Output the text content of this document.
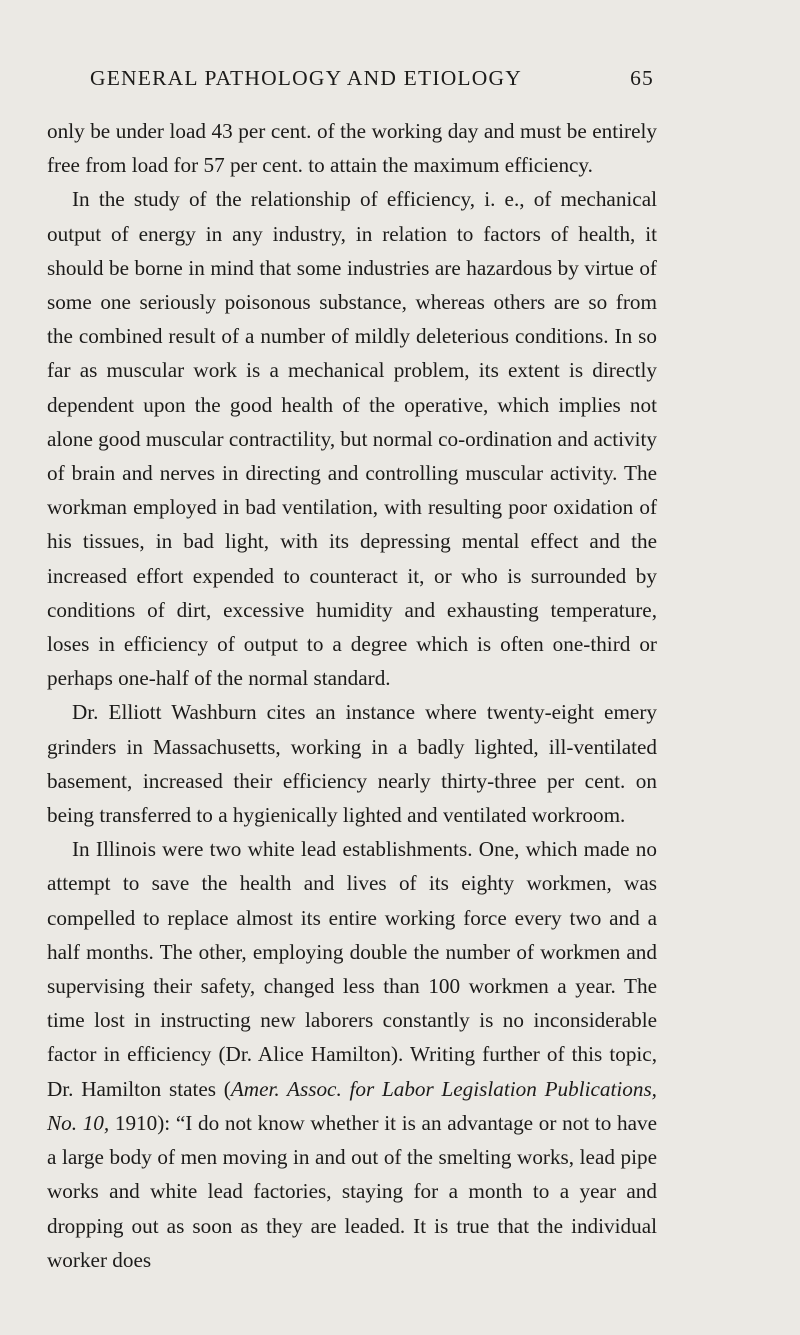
GENERAL PATHOLOGY AND ETIOLOGY	65

only be under load 43 per cent. of the working day and must be entirely free from load for 57 per cent. to attain the maximum efficiency.

In the study of the relationship of efficiency, i. e., of mechanical output of energy in any industry, in relation to factors of health, it should be borne in mind that some industries are hazardous by virtue of some one seriously poisonous substance, whereas others are so from the combined result of a number of mildly deleterious conditions. In so far as muscular work is a mechanical problem, its extent is directly dependent upon the good health of the operative, which implies not alone good muscular contractility, but normal co-ordination and activity of brain and nerves in directing and controlling muscular activity. The workman employed in bad ventilation, with resulting poor oxidation of his tissues, in bad light, with its depressing mental effect and the increased effort expended to counteract it, or who is surrounded by conditions of dirt, excessive humidity and exhausting temperature, loses in efficiency of output to a degree which is often one-third or perhaps one-half of the normal standard.

Dr. Elliott Washburn cites an instance where twenty-eight emery grinders in Massachusetts, working in a badly lighted, ill-ventilated basement, increased their efficiency nearly thirty-three per cent. on being transferred to a hygienically lighted and ventilated workroom.

In Illinois were two white lead establishments. One, which made no attempt to save the health and lives of its eighty workmen, was compelled to replace almost its entire working force every two and a half months. The other, employing double the number of workmen and supervising their safety, changed less than 100 workmen a year. The time lost in instructing new laborers constantly is no inconsiderable factor in efficiency (Dr. Alice Hamilton). Writing further of this topic, Dr. Hamilton states (Amer. Assoc. for Labor Legislation Publications, No. 10, 1910): “I do not know whether it is an advantage or not to have a large body of men moving in and out of the smelting works, lead pipe works and white lead factories, staying for a month to a year and dropping out as soon as they are leaded. It is true that the individual worker does
